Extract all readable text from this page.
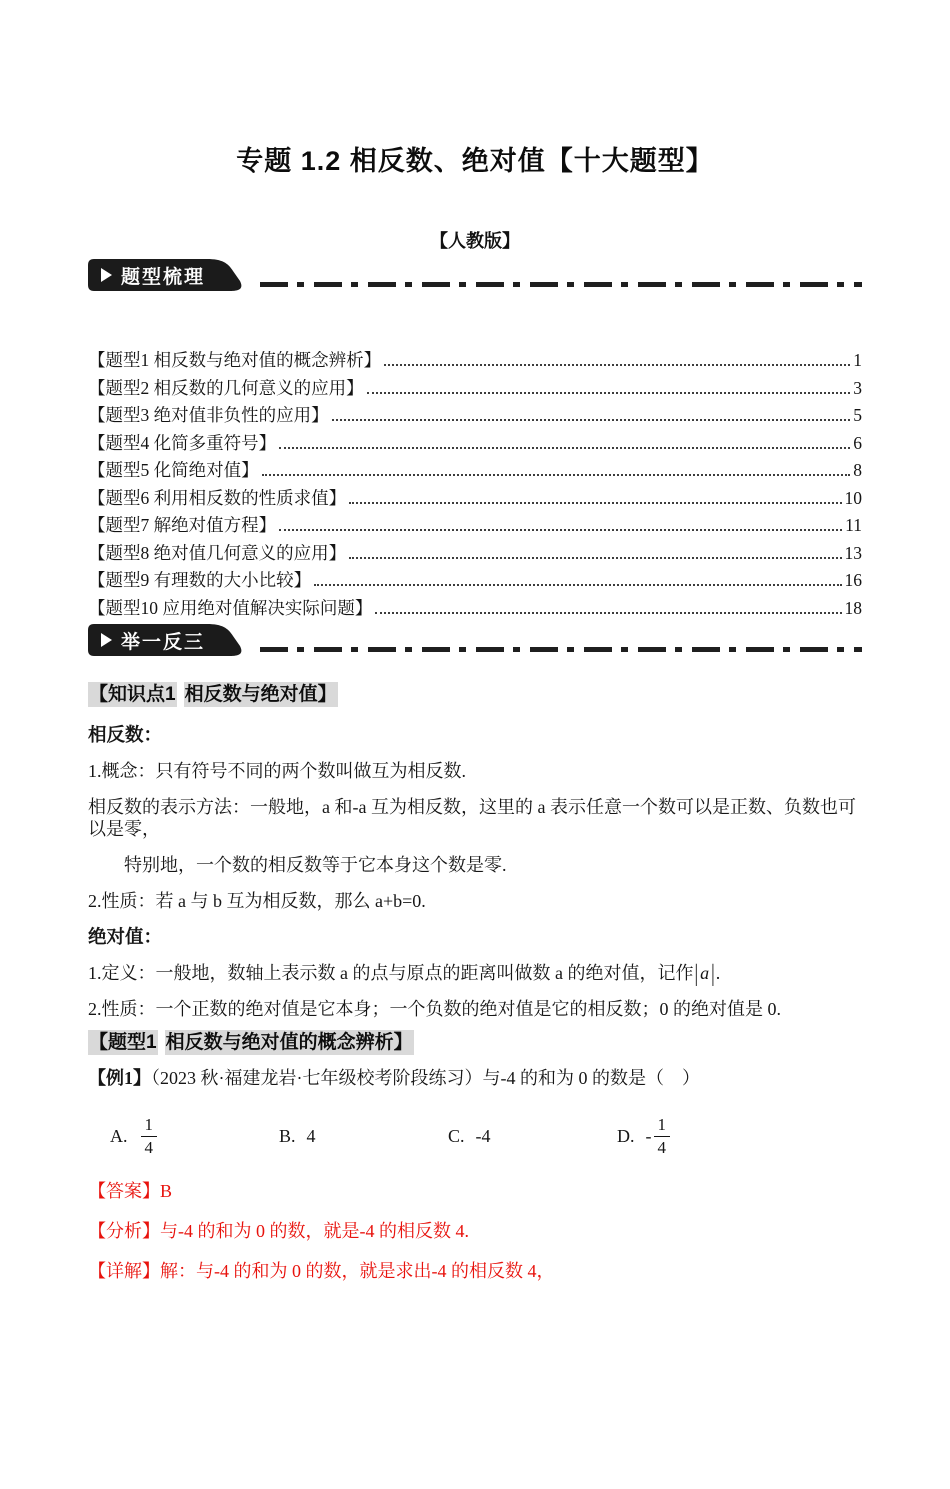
专题 1.2 相反数、绝对值【十大题型】
【人教版】
题型梳理
【题型1 相反数与绝对值的概念辨析】	1
【题型2 相反数的几何意义的应用】	3
【题型3 绝对值非负性的应用】	5
【题型4 化简多重符号】	6
【题型5 化简绝对值】	8
【题型6 利用相反数的性质求值】	10
【题型7 解绝对值方程】	11
【题型8 绝对值几何意义的应用】	13
【题型9 有理数的大小比较】	16
【题型10 应用绝对值解决实际问题】	18
举一反三
【知识点1 相反数与绝对值】

相反数：

1.概念：只有符号不同的两个数叫做互为相反数.

相反数的表示方法：一般地，a 和-a 互为相反数，这里的 a 表示任意一个数可以是正数、负数也可以是零，

特别地，一个数的相反数等于它本身这个数是零.

2.性质：若 a 与 b 互为相反数，那么 a+b=0.

绝对值：

1.定义：一般地，数轴上表示数 a 的点与原点的距离叫做数 a 的绝对值，记作| a |.

2.性质：一个正数的绝对值是它本身；一个负数的绝对值是它的相反数；0 的绝对值是 0.

【题型1 相反数与绝对值的概念辨析】

【例1】（2023 秋·福建龙岩·七年级校考阶段练习）与-4 的和为 0 的数是（　）

A. $\frac{1}{4}$	B. 4	C. -4	D. - $\frac{1}{4}$

【答案】B

【分析】与-4 的和为 0 的数，就是-4 的相反数 4.

【详解】解：与-4 的和为 0 的数，就是求出-4 的相反数 4，
